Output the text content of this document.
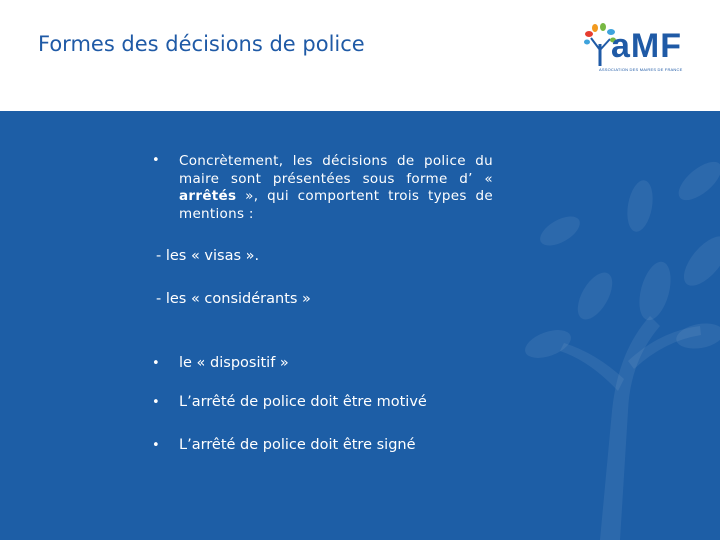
Formes des décisions de police	aMF
ASSOCIATION DES MAIRES DE FRANCE
• Concrètement, les décisions de police du maire sont présentées sous forme d’ « arrêtés », qui comportent trois types de mentions :
- les « visas ».
- les « considérants »
• le « dispositif »
• L’arrêté de police doit être motivé
• L’arrêté de police doit être signé
